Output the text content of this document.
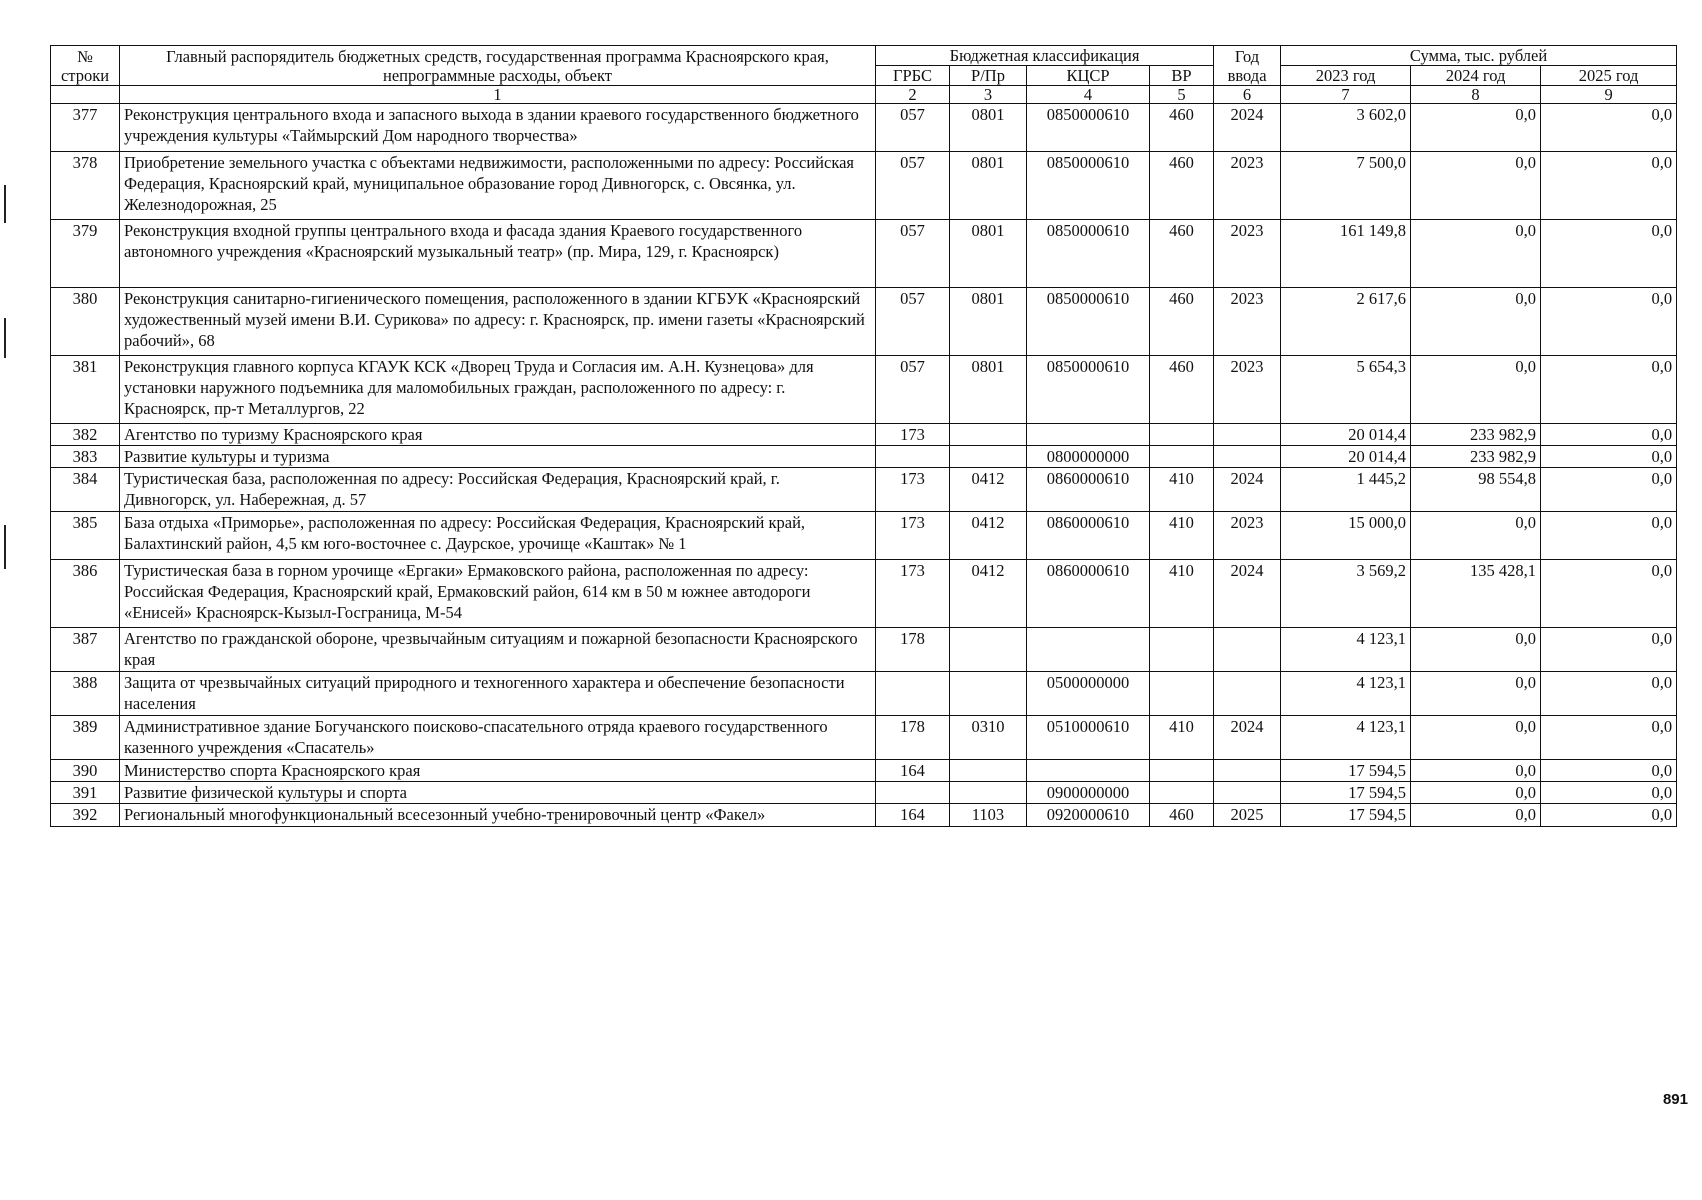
№ строки	Главный распорядитель бюджетных средств, государственная программа Красноярского края, непрограммные расходы, объект	Бюджетная классификация				Год ввода	Сумма, тыс. рублей		
		ГРБС	Р/Пр	КЦСР	ВР		2023 год	2024 год	2025 год
	1	2	3	4	5	6	7	8	9
377	Реконструкция центрального входа и запасного выхода в здании краевого государственного бюджетного учреждения культуры «Таймырский Дом народного творчества»	057	0801	0850000610	460	2024	3 602,0	0,0	0,0
378	Приобретение земельного участка с объектами недвижимости, расположенными по адресу: Российская Федерация, Красноярский край, муниципальное образование город Дивногорск, с. Овсянка, ул. Железнодорожная, 25	057	0801	0850000610	460	2023	7 500,0	0,0	0,0
379	Реконструкция входной группы центрального входа и фасада здания Краевого государственного автономного учреждения «Красноярский музыкальный театр» (пр. Мира, 129, г. Красноярск)	057	0801	0850000610	460	2023	161 149,8	0,0	0,0
380	Реконструкция санитарно-гигиенического помещения, расположенного в здании КГБУК «Красноярский художественный музей имени В.И. Сурикова» по адресу: г. Красноярск, пр. имени газеты «Красноярский рабочий», 68	057	0801	0850000610	460	2023	2 617,6	0,0	0,0
381	Реконструкция главного корпуса КГАУК КСК «Дворец Труда и Согласия им. А.Н. Кузнецова» для установки наружного подъемника для маломобильных граждан, расположенного по адресу: г. Красноярск, пр-т Металлургов, 22	057	0801	0850000610	460	2023	5 654,3	0,0	0,0
382	Агентство по туризму Красноярского края	173					20 014,4	233 982,9	0,0
383	Развитие культуры и туризма			0800000000			20 014,4	233 982,9	0,0
384	Туристическая база, расположенная по адресу: Российская Федерация, Красноярский край, г. Дивногорск, ул. Набережная, д. 57	173	0412	0860000610	410	2024	1 445,2	98 554,8	0,0
385	База отдыха «Приморье», расположенная по адресу: Российская Федерация, Красноярский край, Балахтинский район, 4,5 км юго-восточнее с. Даурское, урочище «Каштак» № 1	173	0412	0860000610	410	2023	15 000,0	0,0	0,0
386	Туристическая база в горном урочище «Ергаки» Ермаковского района, расположенная по адресу: Российская Федерация, Красноярский край, Ермаковский район, 614 км в 50 м южнее автодороги «Енисей» Красноярск-Кызыл-Госграница, М-54	173	0412	0860000610	410	2024	3 569,2	135 428,1	0,0
387	Агентство по гражданской обороне, чрезвычайным ситуациям и пожарной безопасности Красноярского края	178					4 123,1	0,0	0,0
388	Защита от чрезвычайных ситуаций природного и техногенного характера и обеспечение безопасности населения			0500000000			4 123,1	0,0	0,0
389	Административное здание Богучанского поисково-спасательного отряда краевого государственного казенного учреждения «Спасатель»	178	0310	0510000610	410	2024	4 123,1	0,0	0,0
390	Министерство спорта Красноярского края	164					17 594,5	0,0	0,0
391	Развитие физической культуры и спорта			0900000000			17 594,5	0,0	0,0
392	Региональный многофункциональный всесезонный учебно-тренировочный центр «Факел»	164	1103	0920000610	460	2025	17 594,5	0,0	0,0
891
